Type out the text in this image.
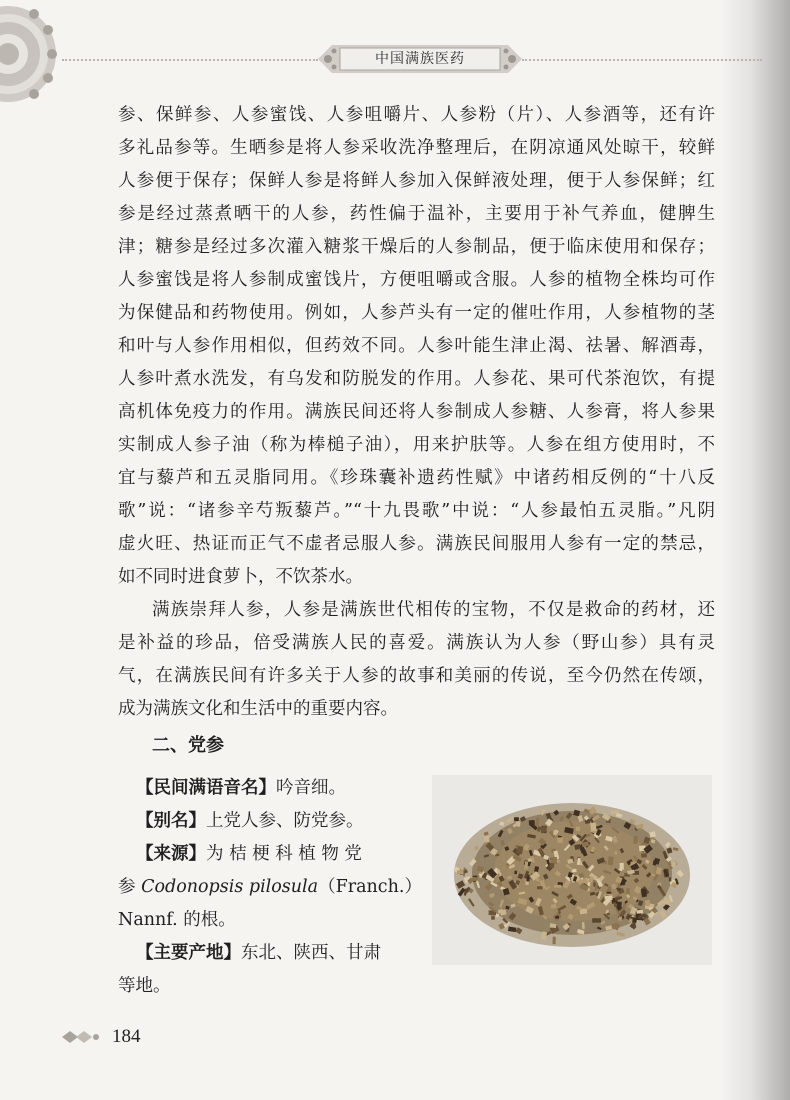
中国满族医药
参、保鲜参、人参蜜饯、人参咀嚼片、人参粉（片）、人参酒等，还有许
多礼品参等。生晒参是将人参采收洗净整理后，在阴凉通风处晾干，较鲜
人参便于保存；保鲜人参是将鲜人参加入保鲜液处理，便于人参保鲜；红
参是经过蒸煮晒干的人参，药性偏于温补，主要用于补气养血，健脾生
津；糖参是经过多次灌入糖浆干燥后的人参制品，便于临床使用和保存；
人参蜜饯是将人参制成蜜饯片，方便咀嚼或含服。人参的植物全株均可作
为保健品和药物使用。例如，人参芦头有一定的催吐作用，人参植物的茎
和叶与人参作用相似，但药效不同。人参叶能生津止渴、祛暑、解酒毒，
人参叶煮水洗发，有乌发和防脱发的作用。人参花、果可代茶泡饮，有提
高机体免疫力的作用。满族民间还将人参制成人参糖、人参膏，将人参果
实制成人参子油（称为棒槌子油），用来护肤等。人参在组方使用时，不
宜与藜芦和五灵脂同用。《珍珠囊补遗药性赋》中诸药相反例的“十八反
歌”说：“诸参辛芍叛藜芦。”“十九畏歌”中说：“人参最怕五灵脂。”凡阴
虚火旺、热证而正气不虚者忌服人参。满族民间服用人参有一定的禁忌，
如不同时进食萝卜，不饮茶水。
满族崇拜人参，人参是满族世代相传的宝物，不仅是救命的药材，还
是补益的珍品，倍受满族人民的喜爱。满族认为人参（野山参）具有灵
气，在满族民间有许多关于人参的故事和美丽的传说，至今仍然在传颂，
成为满族文化和生活中的重要内容。
二、党参
【民间满语音名】吟音细。
【别名】上党人参、防党参。
【来源】为 桔 梗 科 植 物 党
参 Codonopsis pilosula（Franch.）
Nannf. 的根。
【主要产地】东北、陕西、甘肃
等地。
184
